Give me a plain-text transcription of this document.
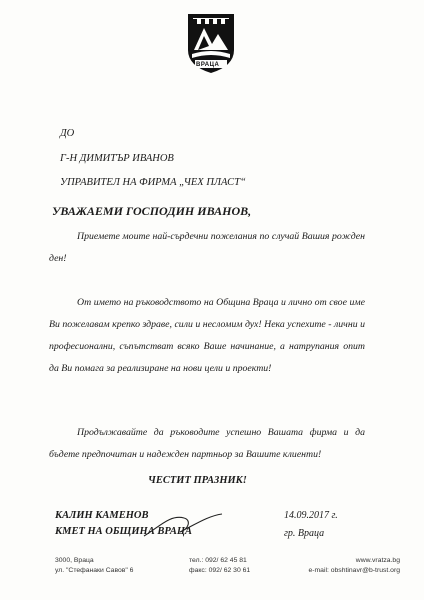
ВРАЦА
ДО
Г-Н ДИМИТЪР ИВАНОВ
УПРАВИТЕЛ НА ФИРМА „ЧЕХ ПЛАСТ“
УВАЖАЕМИ ГОСПОДИН ИВАНОВ,

Приемете моите най-сърдечни пожелания по случай Вашия рожден ден!

От името на ръководството на Община Враца и лично от свое име Ви пожелавам крепко здраве, сили и несломим дух! Нека успехите - лични и професионални, съпътстват всяко Ваше начинание, а натрупания опит да Ви помага за реализиране на нови цели и проекти!

Продължавайте да ръководите успешно Вашата фирма и да бъдете предпочитан и надежден партньор за Вашите клиенти!

ЧЕСТИТ ПРАЗНИК!
КАЛИН КАМЕНОВ
КМЕТ НА ОБЩИНА ВРАЦА
14.09.2017 г.
гр. Враца
3000, Враца
ул. "Стефанаки Савов" 6
тел.: 092/ 62 45 81
факс: 092/ 62 30 61
www.vratza.bg
e-mail: obshtinavr@b-trust.org
